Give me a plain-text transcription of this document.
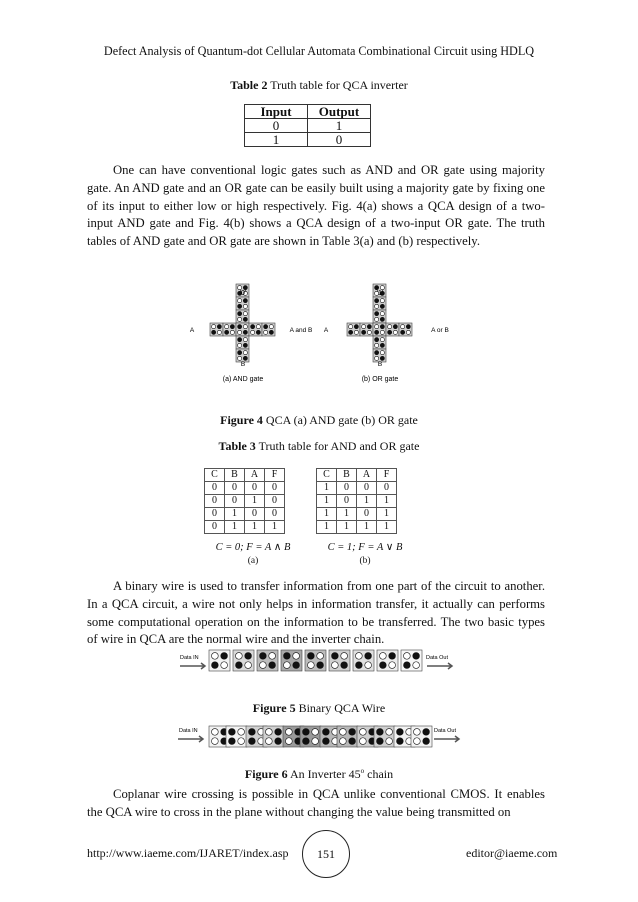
Defect Analysis of Quantum-dot Cellular Automata Combinational Circuit using HDLQ
Table 2 Truth table for QCA inverter
Input	Output
0	1
1	0
One can have conventional logic gates such as AND and OR gate using majority gate. An AND gate and an OR gate can be easily built using a majority gate by fixing one of its input to either low or high respectively. Fig. 4(a) shows a QCA design of a two-input AND gate and Fig. 4(b) shows a QCA design of a two-input OR gate. The truth tables of AND gate and OR gate are shown in Table 3(a) and (b) respectively.
'0'
A	A and B
B
(a) AND gate
'1'
A	A or B
B
(b) OR gate
Figure 4 QCA (a) AND gate (b) OR gate
Table 3 Truth table for AND and OR gate
C	B	A	F
0	0	0	0
0	0	1	0
0	1	0	0
0	1	1	1
C = 0; F = A ∧ B
(a)
C	B	A	F
1	0	0	0
1	0	1	1
1	1	0	1
1	1	1	1
C = 1; F = A ∨ B
(b)
A binary wire is used to transfer information from one part of the circuit to another. In a QCA circuit, a wire not only helps in information transfer, it actually can performs some computational operation on the information to be transferred. The two basic types of wire in QCA are the normal wire and the inverter chain.
Data IN	Data Out
Figure 5 Binary QCA Wire
Data IN	Data Out
Figure 6 An Inverter 45$^o$ chain
Coplanar wire crossing is possible in QCA unlike conventional CMOS. It enables the QCA wire to cross in the plane without changing the value being transmitted on
http://www.iaeme.com/IJARET/index.asp	151	editor@iaeme.com
